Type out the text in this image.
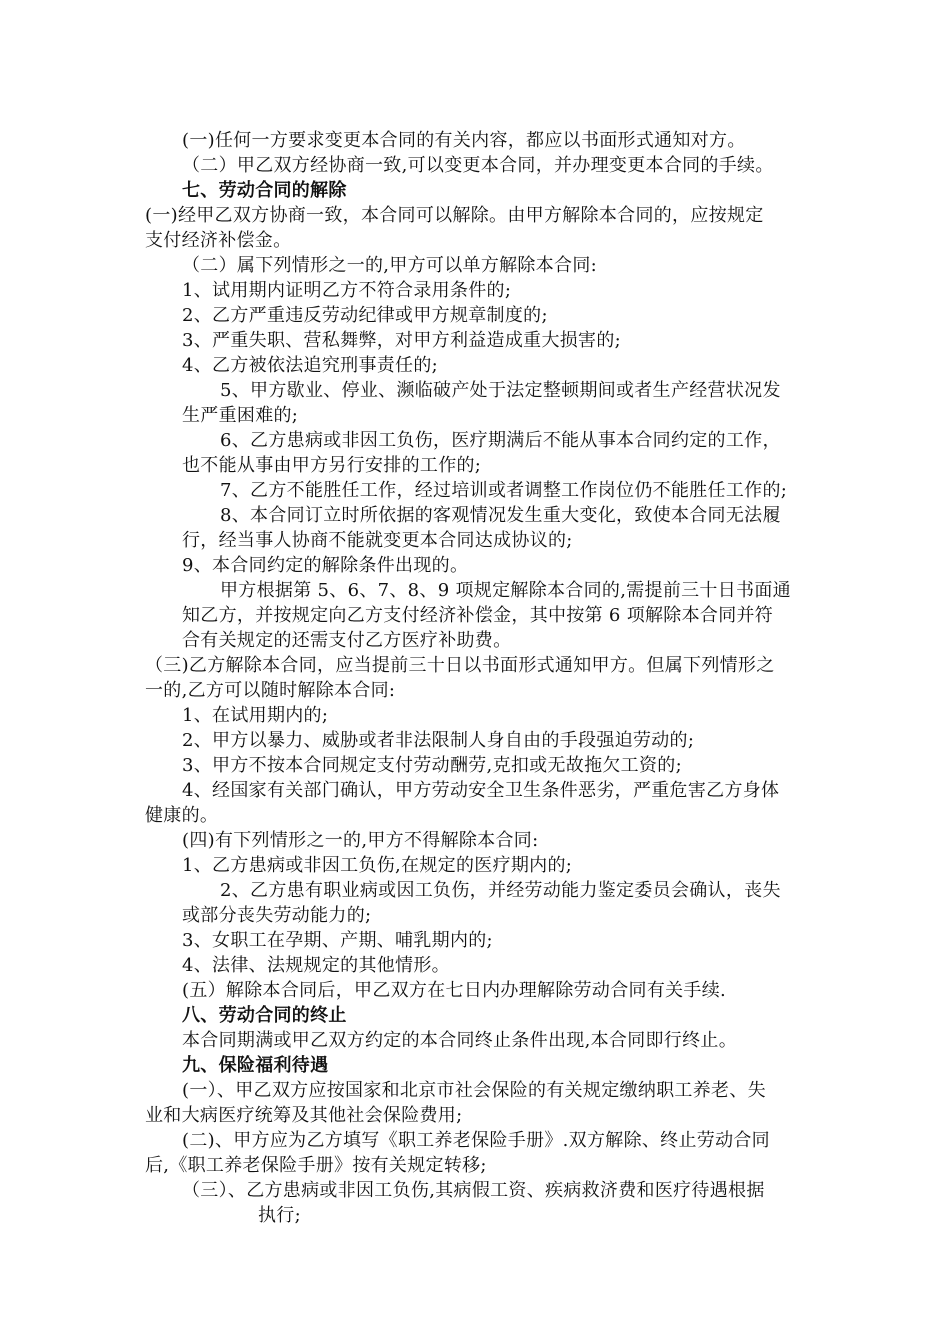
(一)任何一方要求变更本合同的有关内容，都应以书面形式通知对方。

（二）甲乙双方经协商一致,可以变更本合同，并办理变更本合同的手续。

七、劳动合同的解除

(一)经甲乙双方协商一致，本合同可以解除。由甲方解除本合同的，应按规定

支付经济补偿金。

（二）属下列情形之一的,甲方可以单方解除本合同:

1、试用期内证明乙方不符合录用条件的;

2、乙方严重违反劳动纪律或甲方规章制度的;

3、严重失职、营私舞弊，对甲方利益造成重大损害的;

4、乙方被依法追究刑事责任的;

5、甲方歇业、停业、濒临破产处于法定整顿期间或者生产经营状况发

生严重困难的;

6、乙方患病或非因工负伤，医疗期满后不能从事本合同约定的工作，

也不能从事由甲方另行安排的工作的;

7、乙方不能胜任工作，经过培训或者调整工作岗位仍不能胜任工作的;

8、本合同订立时所依据的客观情况发生重大变化，致使本合同无法履

行，经当事人协商不能就变更本合同达成协议的;

9、本合同约定的解除条件出现的。

甲方根据第 5、6、7、8、9 项规定解除本合同的,需提前三十日书面通

知乙方，并按规定向乙方支付经济补偿金，其中按第 6 项解除本合同并符

合有关规定的还需支付乙方医疗补助费。

（三)乙方解除本合同，应当提前三十日以书面形式通知甲方。但属下列情形之

一的,乙方可以随时解除本合同:

1、在试用期内的;

2、甲方以暴力、威胁或者非法限制人身自由的手段强迫劳动的;

3、甲方不按本合同规定支付劳动酬劳,克扣或无故拖欠工资的;

4、经国家有关部门确认，甲方劳动安全卫生条件恶劣，严重危害乙方身体

健康的。

(四)有下列情形之一的,甲方不得解除本合同:

1、乙方患病或非因工负伤,在规定的医疗期内的;

2、乙方患有职业病或因工负伤，并经劳动能力鉴定委员会确认，丧失

或部分丧失劳动能力的;

3、女职工在孕期、产期、哺乳期内的;

4、法律、法规规定的其他情形。

(五）解除本合同后，甲乙双方在七日内办理解除劳动合同有关手续.

八、劳动合同的终止

本合同期满或甲乙双方约定的本合同终止条件出现,本合同即行终止。

九、保险福利待遇

(一）、甲乙双方应按国家和北京市社会保险的有关规定缴纳职工养老、失

业和大病医疗统筹及其他社会保险费用;

(二)、甲方应为乙方填写《职工养老保险手册》.双方解除、终止劳动合同

后,《职工养老保险手册》按有关规定转移;

（三）、乙方患病或非因工负伤,其病假工资、疾病救济费和医疗待遇根据

执行;
